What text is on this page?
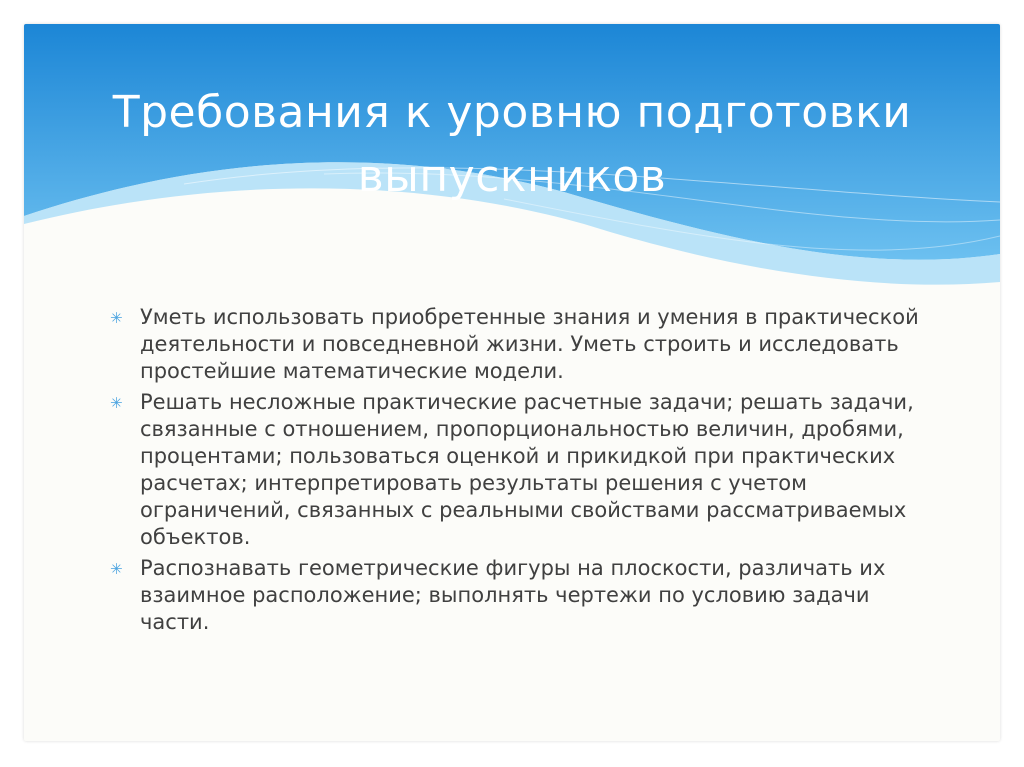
Требования к уровню подготовки выпускников
✳ Уметь использовать приобретенные знания и умения в практической деятельности и повседневной жизни. Уметь строить и исследовать простейшие математические модели.
✳ Решать несложные практические расчетные задачи; решать задачи, связанные с отношением, пропорциональностью величин, дробями, процентами; пользоваться оценкой и прикидкой при практических расчетах; интерпретировать результаты решения с учетом ограничений, связанных с реальными свойствами рассматриваемых объектов.
✳ Распознавать геометрические фигуры на плоскости, различать их взаимное расположение; выполнять чертежи по условию задачи части.
